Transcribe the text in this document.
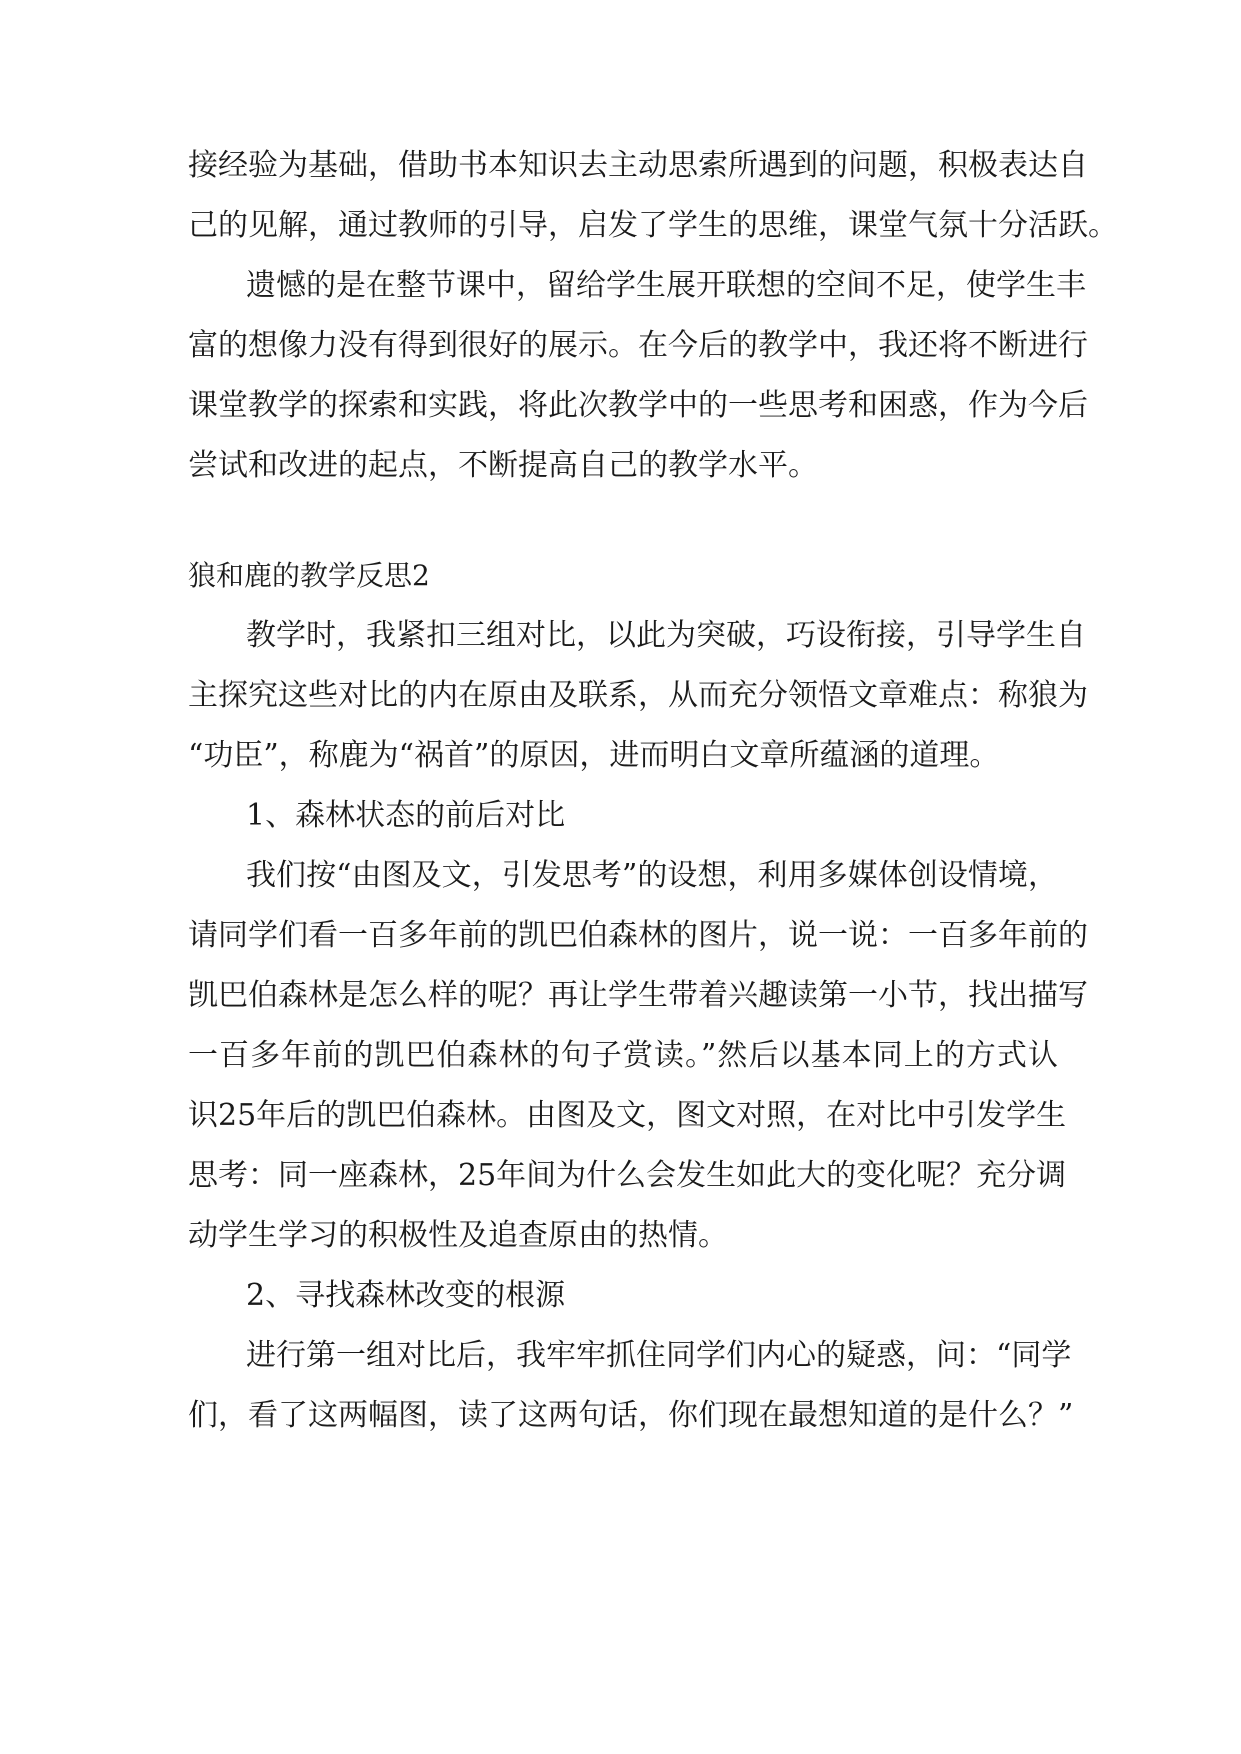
接经验为基础，借助书本知识去主动思索所遇到的问题，积极表达自
己的见解，通过教师的引导，启发了学生的思维，课堂气氛十分活跃。
遗憾的是在整节课中，留给学生展开联想的空间不足，使学生丰
富的想像力没有得到很好的展示。在今后的教学中，我还将不断进行
课堂教学的探索和实践，将此次教学中的一些思考和困惑，作为今后
尝试和改进的起点，不断提高自己的教学水平。
狼和鹿的教学反思2
教学时，我紧扣三组对比，以此为突破，巧设衔接，引导学生自
主探究这些对比的内在原由及联系，从而充分领悟文章难点：称狼为
“功臣”，称鹿为“祸首”的原因，进而明白文章所蕴涵的道理。
1、森林状态的前后对比
我们按“由图及文，引发思考”的设想，利用多媒体创设情境，
请同学们看一百多年前的凯巴伯森林的图片，说一说：一百多年前的
凯巴伯森林是怎么样的呢？再让学生带着兴趣读第一小节，找出描写
一百多年前的凯巴伯森林的句子赏读。”然后以基本同上的方式认
识25年后的凯巴伯森林。由图及文，图文对照，在对比中引发学生
思考：同一座森林，25年间为什么会发生如此大的变化呢？充分调
动学生学习的积极性及追查原由的热情。
2、寻找森林改变的根源
进行第一组对比后，我牢牢抓住同学们内心的疑惑，问：“同学
们，看了这两幅图，读了这两句话，你们现在最想知道的是什么？”
